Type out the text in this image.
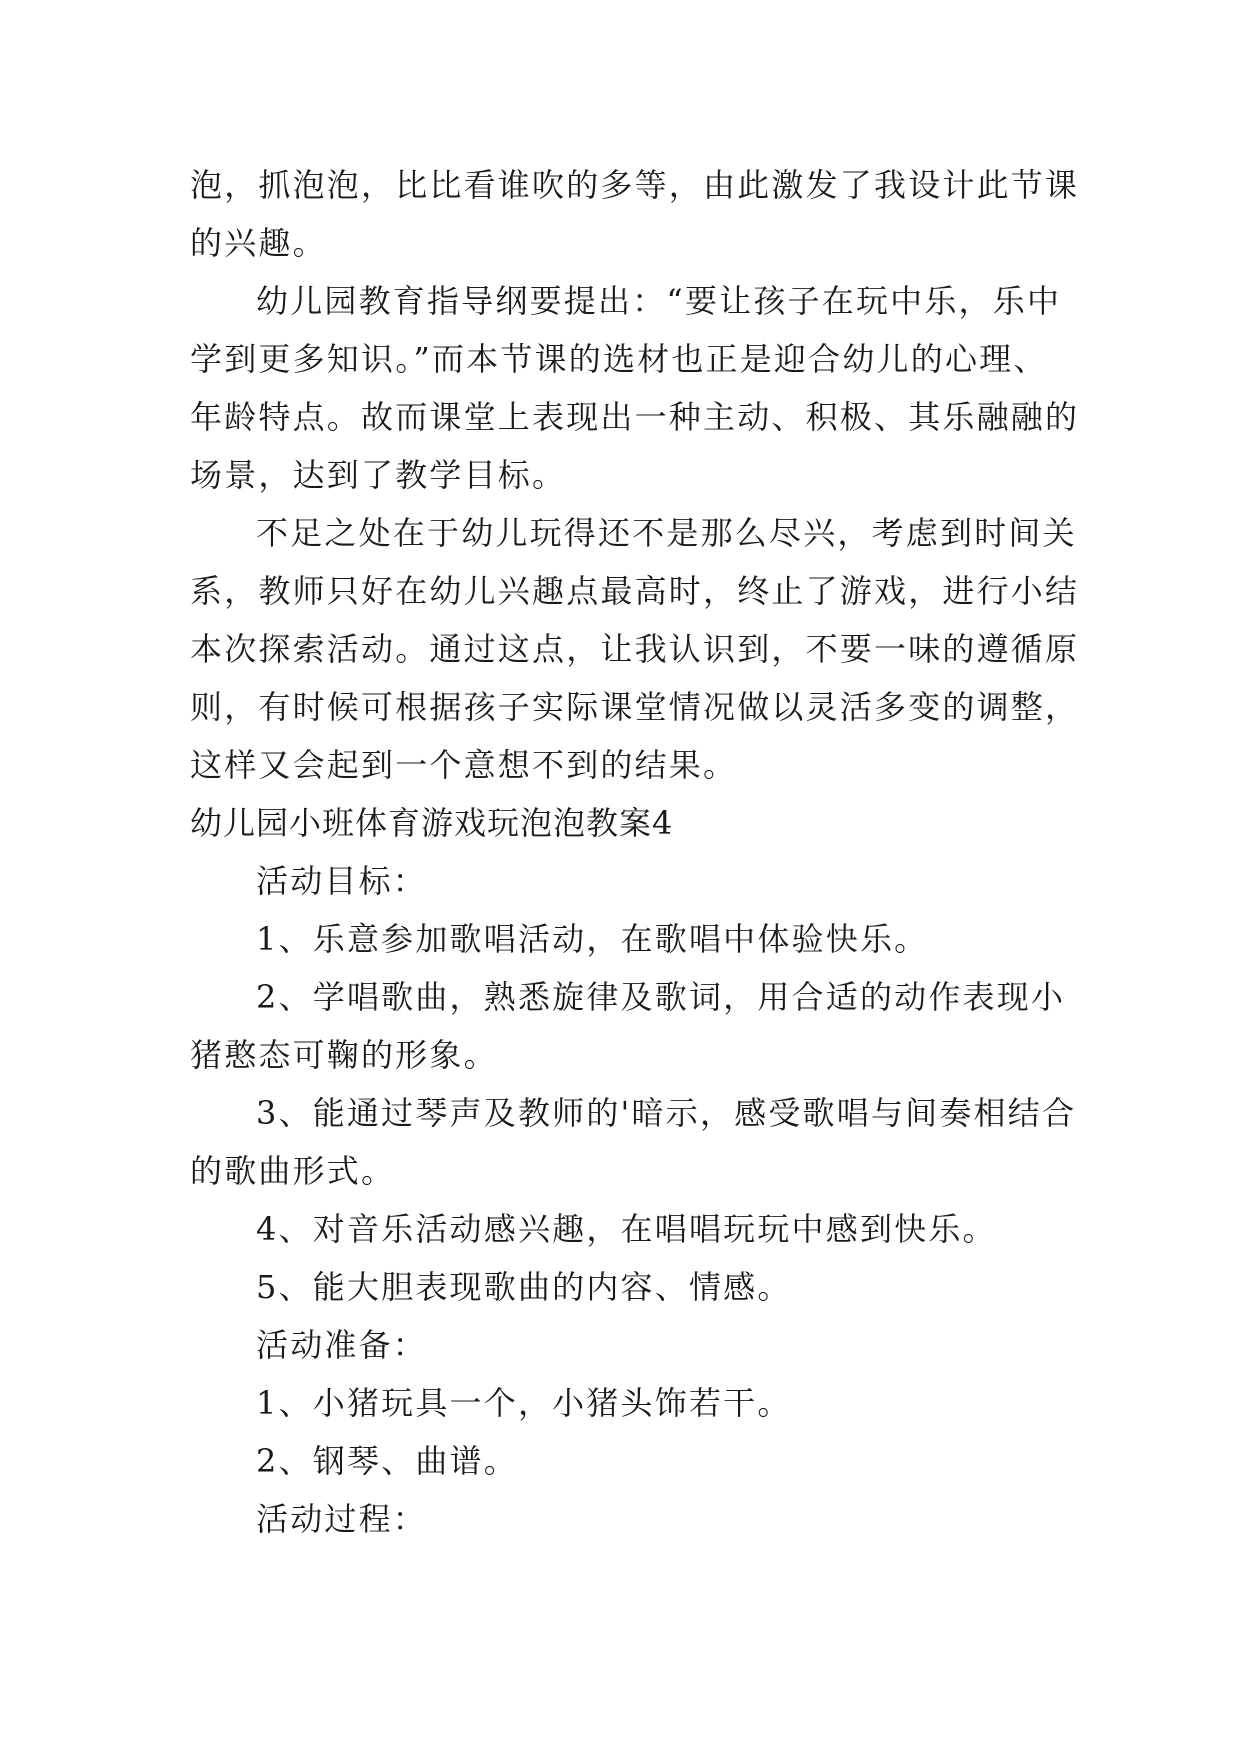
泡，抓泡泡，比比看谁吹的多等，由此激发了我设计此节课
的兴趣。
幼儿园教育指导纲要提出：“要让孩子在玩中乐，乐中
学到更多知识。”而本节课的选材也正是迎合幼儿的心理、
年龄特点。故而课堂上表现出一种主动、积极、其乐融融的
场景，达到了教学目标。
不足之处在于幼儿玩得还不是那么尽兴，考虑到时间关
系，教师只好在幼儿兴趣点最高时，终止了游戏，进行小结
本次探索活动。通过这点，让我认识到，不要一味的遵循原
则，有时候可根据孩子实际课堂情况做以灵活多变的调整，
这样又会起到一个意想不到的结果。
幼儿园小班体育游戏玩泡泡教案4
活动目标：
1、乐意参加歌唱活动，在歌唱中体验快乐。
2、学唱歌曲，熟悉旋律及歌词，用合适的动作表现小
猪憨态可鞠的形象。
3、能通过琴声及教师的'暗示，感受歌唱与间奏相结合
的歌曲形式。
4、对音乐活动感兴趣，在唱唱玩玩中感到快乐。
5、能大胆表现歌曲的内容、情感。
活动准备：
1、小猪玩具一个，小猪头饰若干。
2、钢琴、曲谱。
活动过程：
